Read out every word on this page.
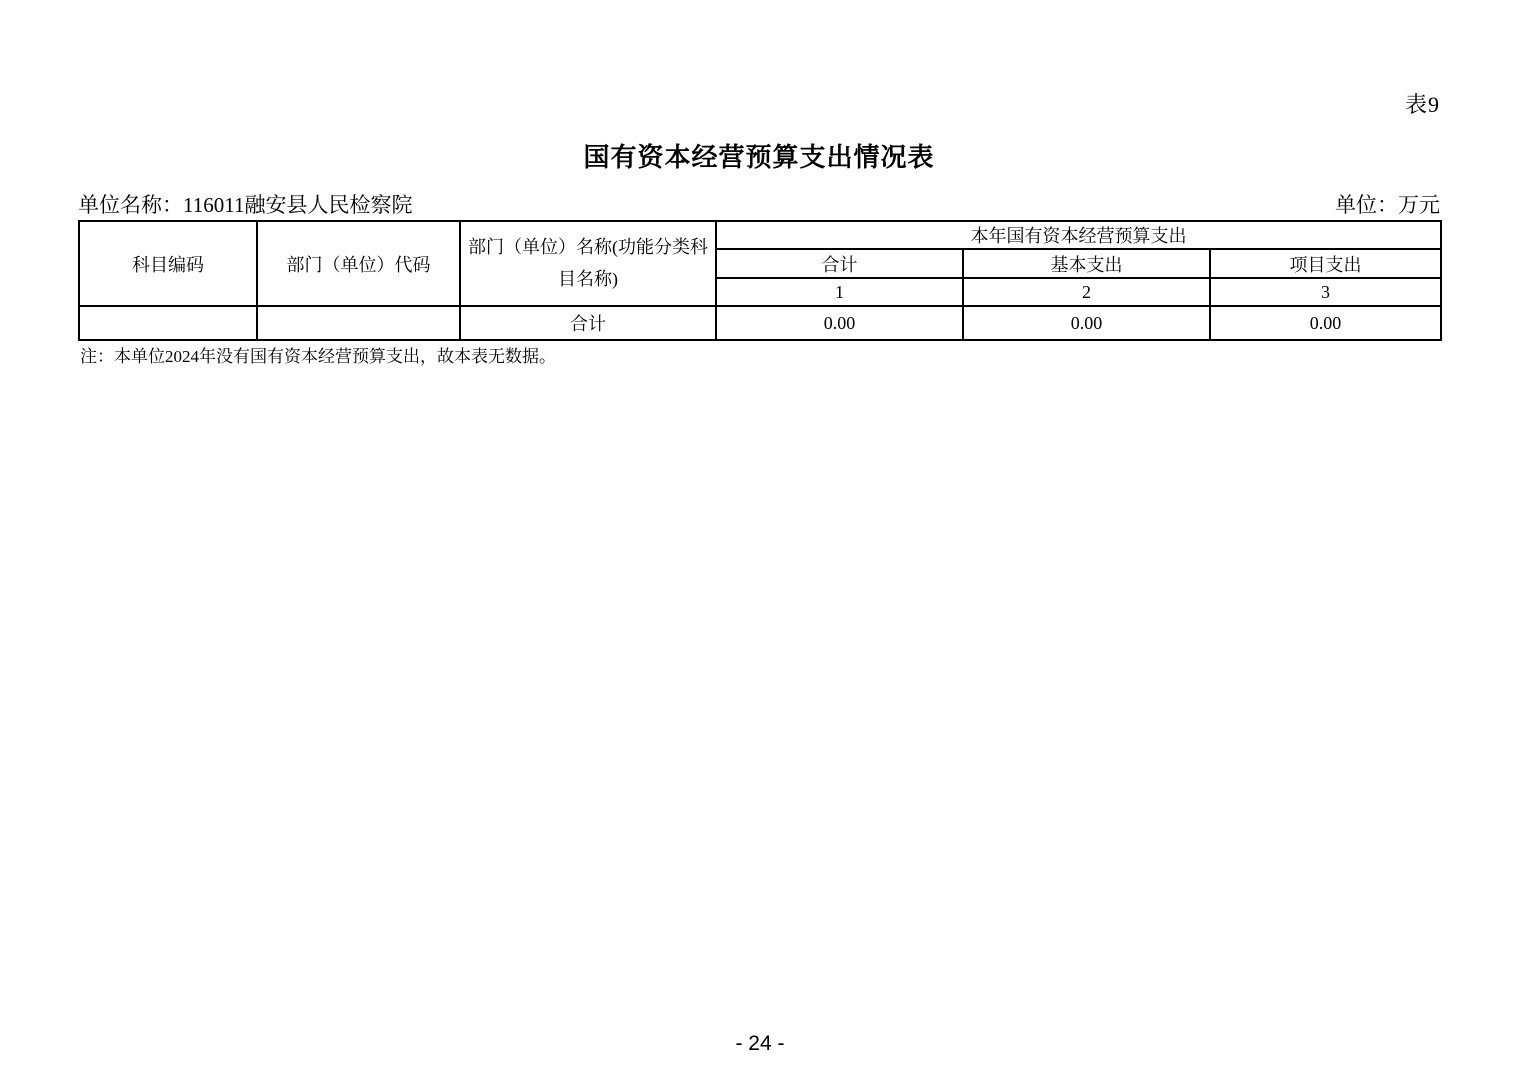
表9
国有资本经营预算支出情况表
单位名称：116011融安县人民检察院	单位：万元
科目编码	部门（单位）代码	部门（单位）名称(功能分类科目名称)	本年国有资本经营预算支出		
			合计	基本支出	项目支出
			1	2	3
		合计	0.00	0.00	0.00
注：本单位2024年没有国有资本经营预算支出，故本表无数据。
- 24 -
